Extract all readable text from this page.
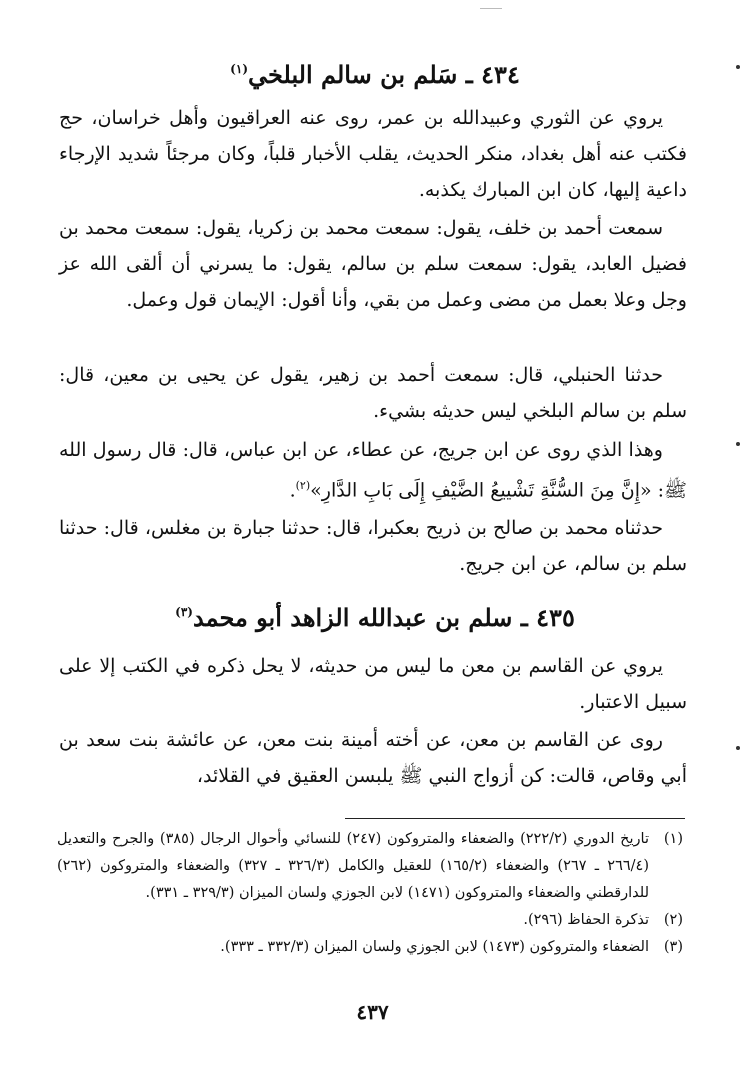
٤٣٤ ـ سَلم بن سالم البلخي$^{(١)}$
يروي عن الثوري وعبيدالله بن عمر، روى عنه العراقيون وأهل خراسان، حج فكتب عنه أهل بغداد، منكر الحديث، يقلب الأخبار قلباً، وكان مرجئاً شديد الإرجاء داعية إليها، كان ابن المبارك يكذبه.
سمعت أحمد بن خلف، يقول: سمعت محمد بن زكريا، يقول: سمعت محمد بن فضيل العابد، يقول: سمعت سلم بن سالم، يقول: ما يسرني أن ألقى الله عز وجل وعلا بعمل من مضى وعمل من بقي، وأنا أقول: الإيمان قول وعمل.
حدثنا الحنبلي، قال: سمعت أحمد بن زهير، يقول عن يحيى بن معين، قال: سلم بن سالم البلخي ليس حديثه بشيء.
وهذا الذي روى عن ابن جريج، عن عطاء، عن ابن عباس، قال: قال رسول الله ﷺ: «إِنَّ مِنَ السُّنَّةِ تَشْييعُ الضَّيْفِ إِلَى بَابِ الدَّارِ»$^{(٢)}$.
حدثناه محمد بن صالح بن ذريح بعكبرا، قال: حدثنا جبارة بن مغلس، قال: حدثنا سلم بن سالم، عن ابن جريج.
٤٣٥ ـ سلم بن عبدالله الزاهد أبو محمد$^{(٣)}$
يروي عن القاسم بن معن ما ليس من حديثه، لا يحل ذكره في الكتب إلا على سبيل الاعتبار.
روى عن القاسم بن معن، عن أخته أمينة بنت معن، عن عائشة بنت سعد بن أبي وقاص، قالت: كن أزواج النبي ﷺ يلبسن العقيق في القلائد،
(١)
تاريخ الدوري (٢٢٢/٢) والضعفاء والمتروكون (٢٤٧) للنسائي وأحوال الرجال (٣٨٥) والجرح والتعديل (٢٦٦/٤ ـ ٢٦٧) والضعفاء (١٦٥/٢) للعقيل والكامل (٣٢٦/٣ ـ ٣٢٧) والضعفاء والمتروكون (٢٦٢) للدارقطني والضعفاء والمتروكون (١٤٧١) لابن الجوزي ولسان الميزان (٣٢٩/٣ ـ ٣٣١).
(٢)
تذكرة الحفاظ (٢٩٦).
(٣)
الضعفاء والمتروكون (١٤٧٣) لابن الجوزي ولسان الميزان (٣٣٢/٣ ـ ٣٣٣).
٤٣٧
